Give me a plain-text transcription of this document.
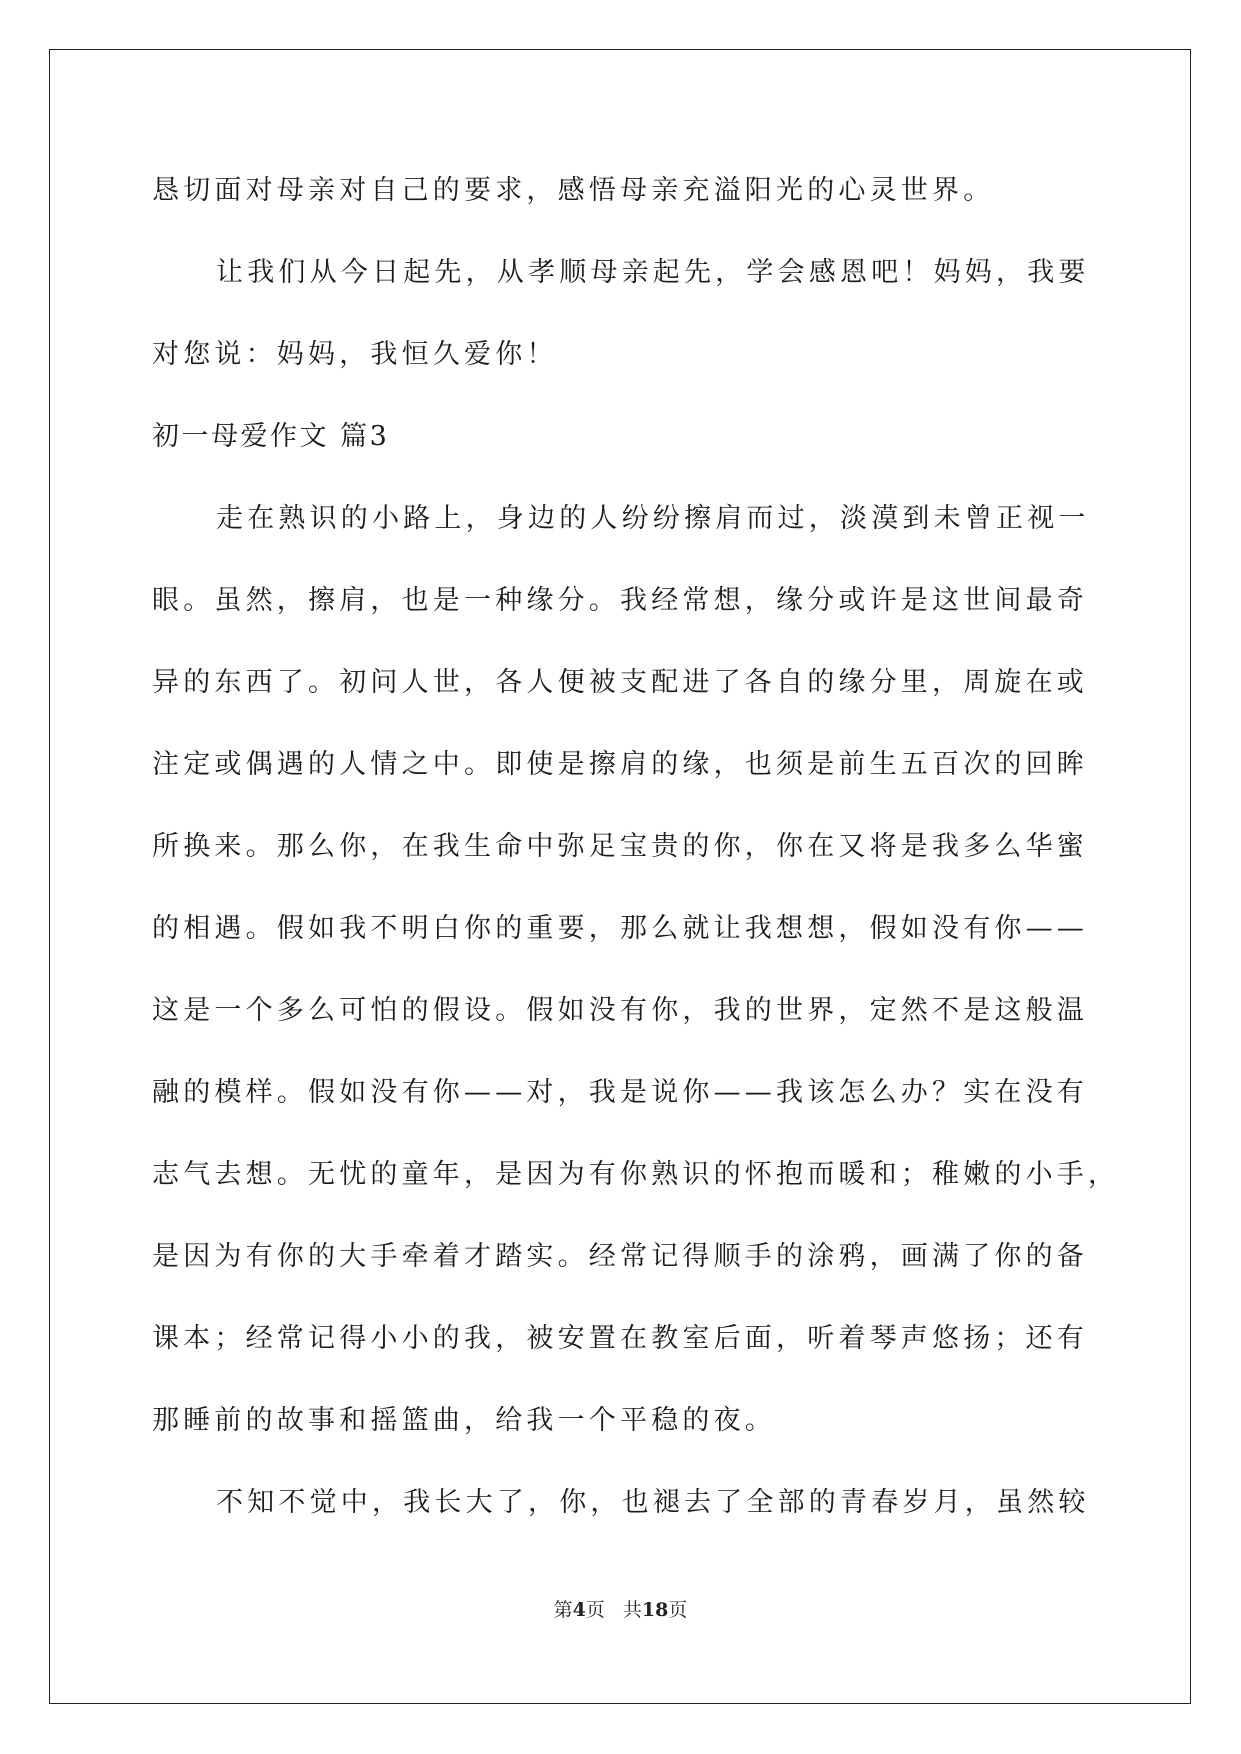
恳切面对母亲对自己的要求，感悟母亲充溢阳光的心灵世界。
让我们从今日起先，从孝顺母亲起先，学会感恩吧！妈妈，我要
对您说：妈妈，我恒久爱你！
初一母爱作文 篇3
走在熟识的小路上，身边的人纷纷擦肩而过，淡漠到未曾正视一
眼。虽然，擦肩，也是一种缘分。我经常想，缘分或许是这世间最奇
异的东西了。初问人世，各人便被支配进了各自的缘分里，周旋在或
注定或偶遇的人情之中。即使是擦肩的缘，也须是前生五百次的回眸
所换来。那么你，在我生命中弥足宝贵的你，你在又将是我多么华蜜
的相遇。假如我不明白你的重要，那么就让我想想，假如没有你——
这是一个多么可怕的假设。假如没有你，我的世界，定然不是这般温
融的模样。假如没有你——对，我是说你——我该怎么办？实在没有
志气去想。无忧的童年，是因为有你熟识的怀抱而暖和；稚嫩的小手，
是因为有你的大手牵着才踏实。经常记得顺手的涂鸦，画满了你的备
课本；经常记得小小的我，被安置在教室后面，听着琴声悠扬；还有
那睡前的故事和摇篮曲，给我一个平稳的夜。
不知不觉中，我长大了，你，也褪去了全部的青春岁月，虽然较
第4页 共18页
